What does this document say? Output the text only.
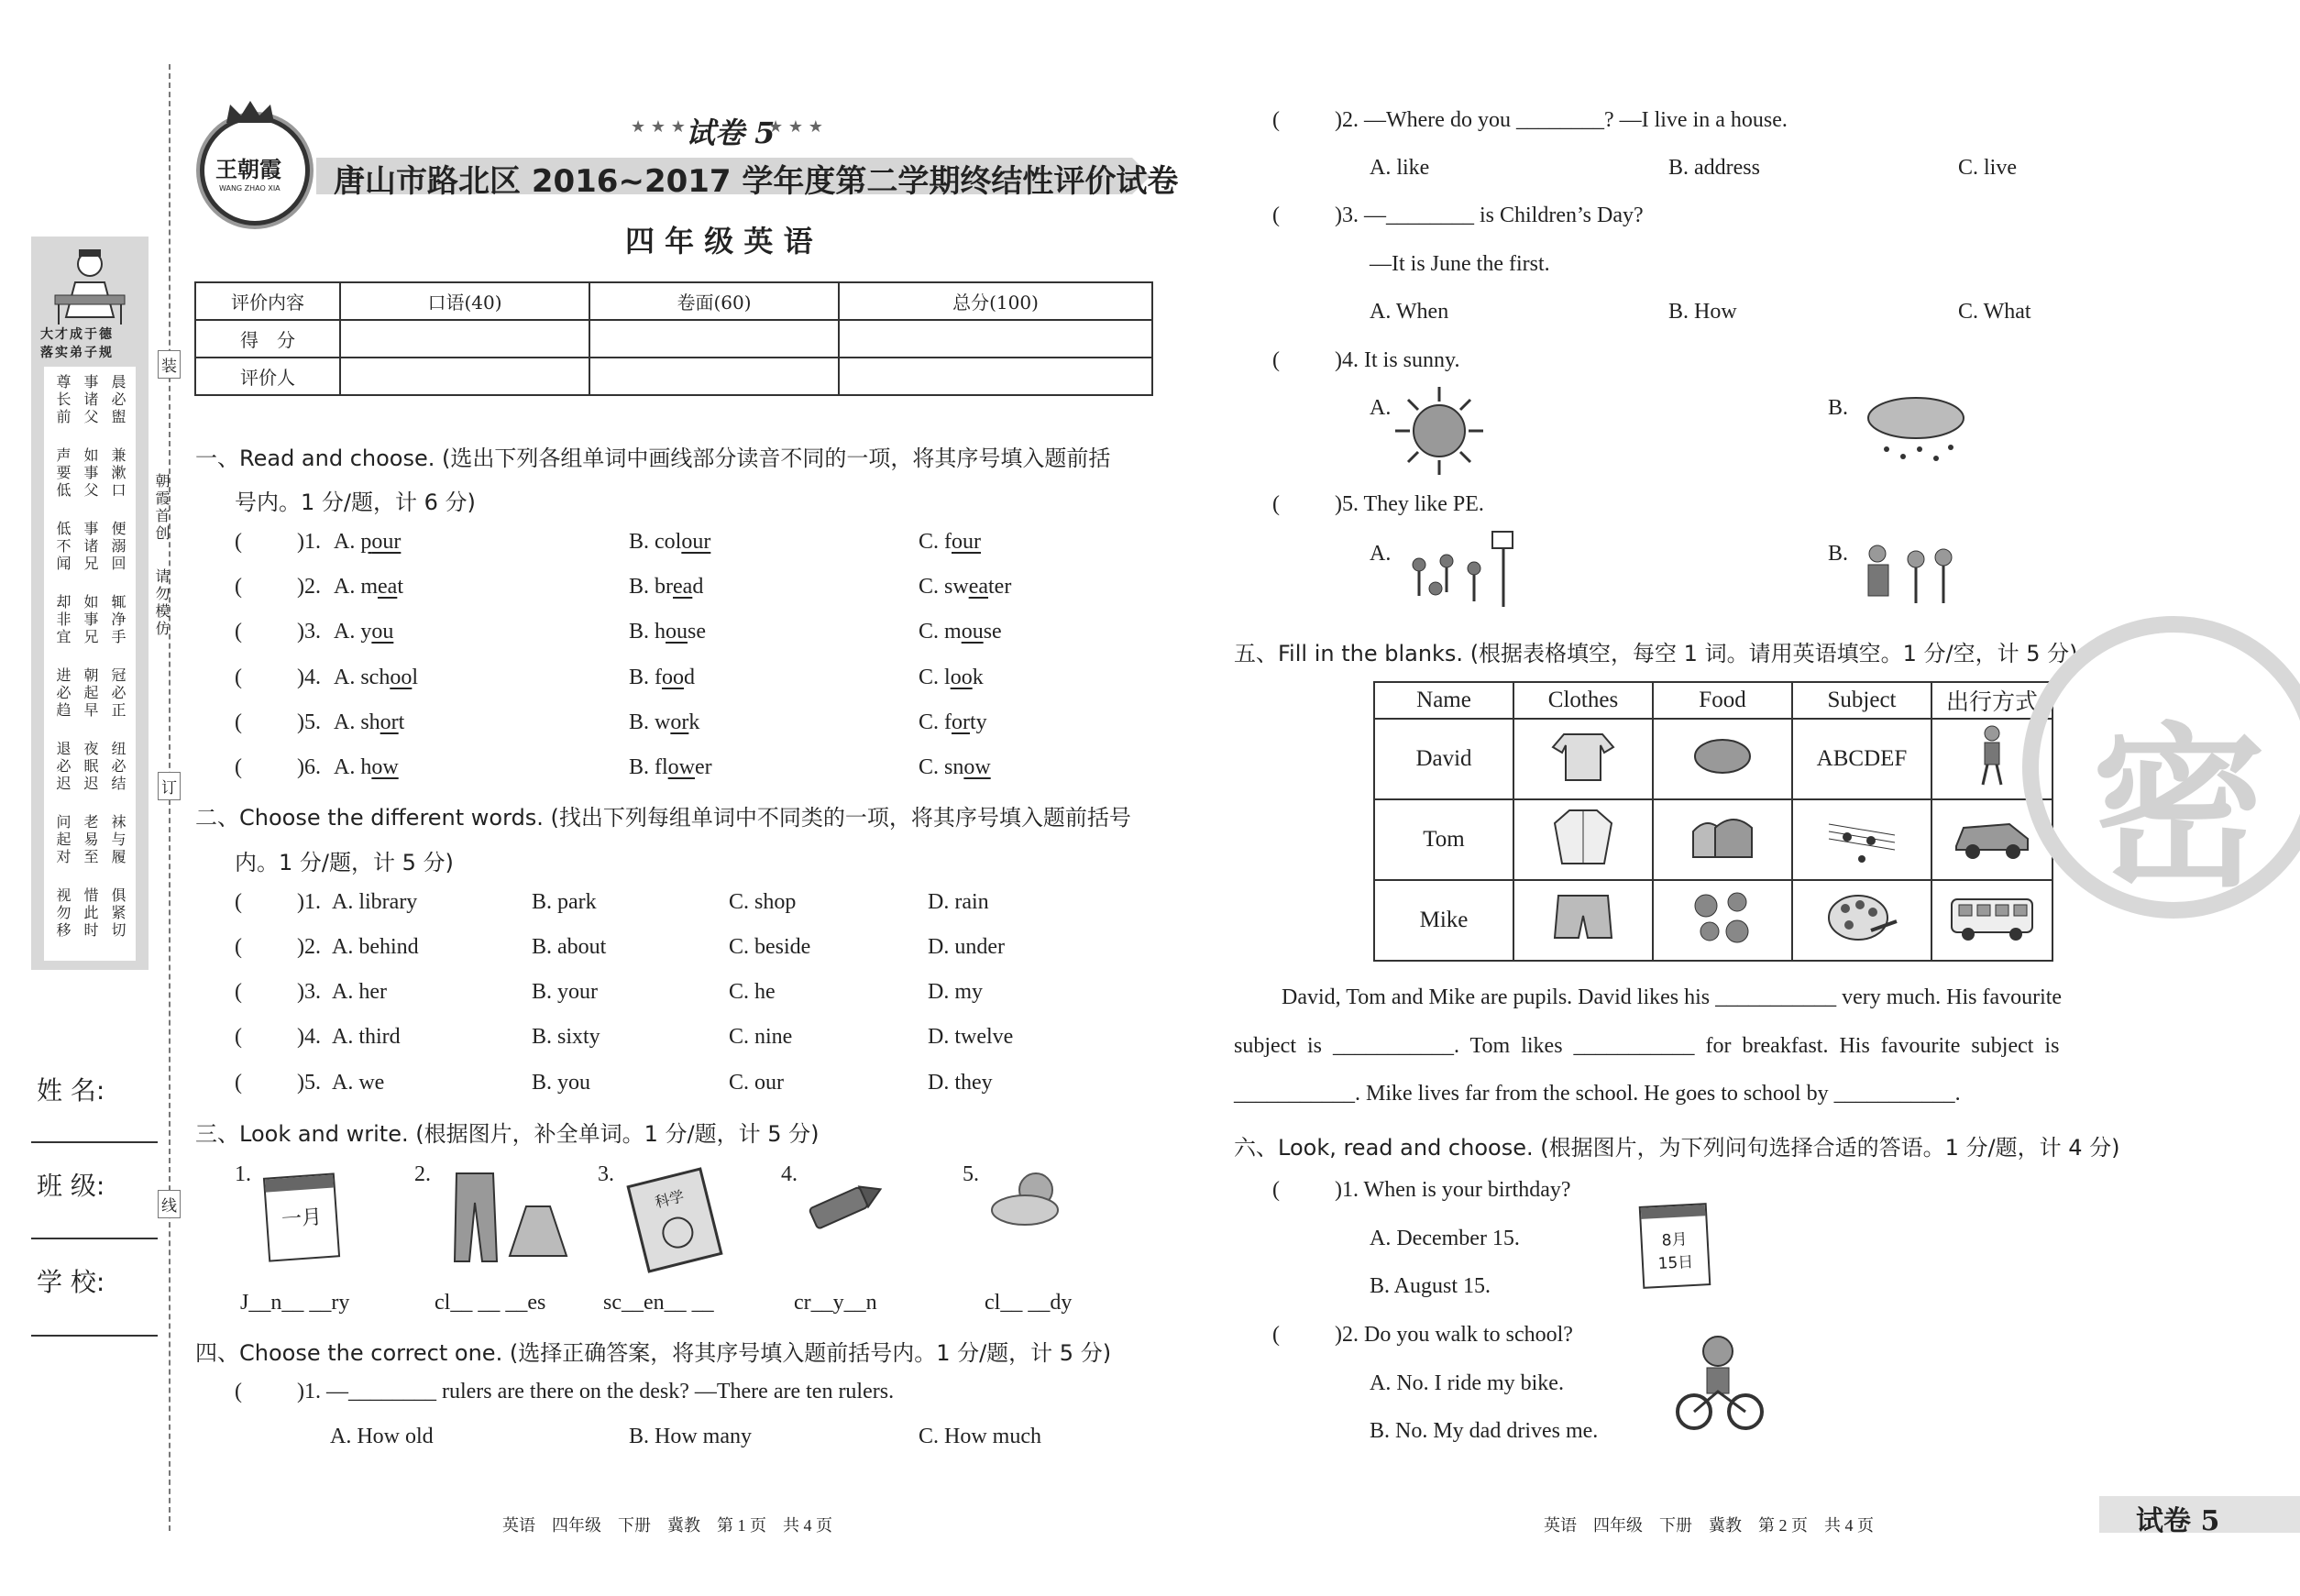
装
订
线
朝霞首创
请勿模仿
大才成于德
落实弟子规
晨必盥
事诸父
尊长前
兼漱口
如事父
声要低
便溺回
事诸兄
低不闻
辄净手
如事兄
却非宜
冠必正
朝起早
进必趋
纽必结
夜眠迟
退必迟
袜与履
老易至
问起对
俱紧切
惜此时
视勿移
姓 名:
班 级:
学 校:
王朝霞
WANG ZHAO XIA
★ ★ ★ 试卷 5
★ ★ ★
唐山市路北区 2016~2017 学年度第二学期终结性评价试卷
四 年 级 英 语
评价内容	口语(40)	卷面(60)	总分(100)
得　分			
评价人			
一、Read and choose. (选出下列各组单词中画线部分读音不同的一项，将其序号填入题前括
号内。1 分/题，计 6 分)
(	)1. A. pour	B. colour	C. four
(	)2. A. meat	B. bread	C. sweater
(	)3. A. you	B. house	C. mouse
(	)4. A. school	B. food	C. look
(	)5. A. short	B. work	C. forty
(	)6. A. how	B. flower	C. snow
二、Choose the different words. (找出下列每组单词中不同类的一项，将其序号填入题前括号
内。1 分/题，计 5 分)
(	)1. A. library	B. park	C. shop	D. rain
(	)2. A. behind	B. about	C. beside	D. under
(	)3. A. her	B. your	C. he	D. my
(	)4. A. third	B. sixty	C. nine	D. twelve
(	)5. A. we	B. you	C. our	D. they
三、Look and write. (根据图片，补全单词。1 分/题，计 5 分)
1.	2.	3.	4.	5.
一月
科学
J__n__ __ry	cl__ __ __es	sc__en__ __	cr__y__n	cl__ __dy
四、Choose the correct one. (选择正确答案，将其序号填入题前括号内。1 分/题，计 5 分)
(	)1. —________ rulers are there on the desk? —There are ten rulers.
A. How old	B. How many	C. How much
英语　四年级　下册　冀教　第 1 页　共 4 页
(	)2. —Where do you ________? —I live in a house.
A. like	B. address	C. live
(	)3. —________ is Children’s Day?
—It is June the first.
A. When	B. How	C. What
(	)4. It is sunny.
A.	B.
(	)5. They like PE.
A.	B.
五、Fill in the blanks. (根据表格填空，每空 1 词。请用英语填空。1 分/空，计 5 分)
Name	Clothes	Food	Subject	出行方式
David			ABCDEF	
Tom				
Mike				
David, Tom and Mike are pupils. David likes his ___________ very much. His favourite
subject is ___________. Tom likes ___________ for breakfast. His favourite subject is
___________. Mike lives far from the school. He goes to school by ___________.
六、Look, read and choose. (根据图片，为下列问句选择合适的答语。1 分/题，计 4 分)
(	)1. When is your birthday?
A. December 15.
B. August 15.
8月
15日
(	)2. Do you walk to school?
A. No. I ride my bike.
B. No. My dad drives me.
密
英语　四年级　下册　冀教　第 2 页　共 4 页	试卷 5
